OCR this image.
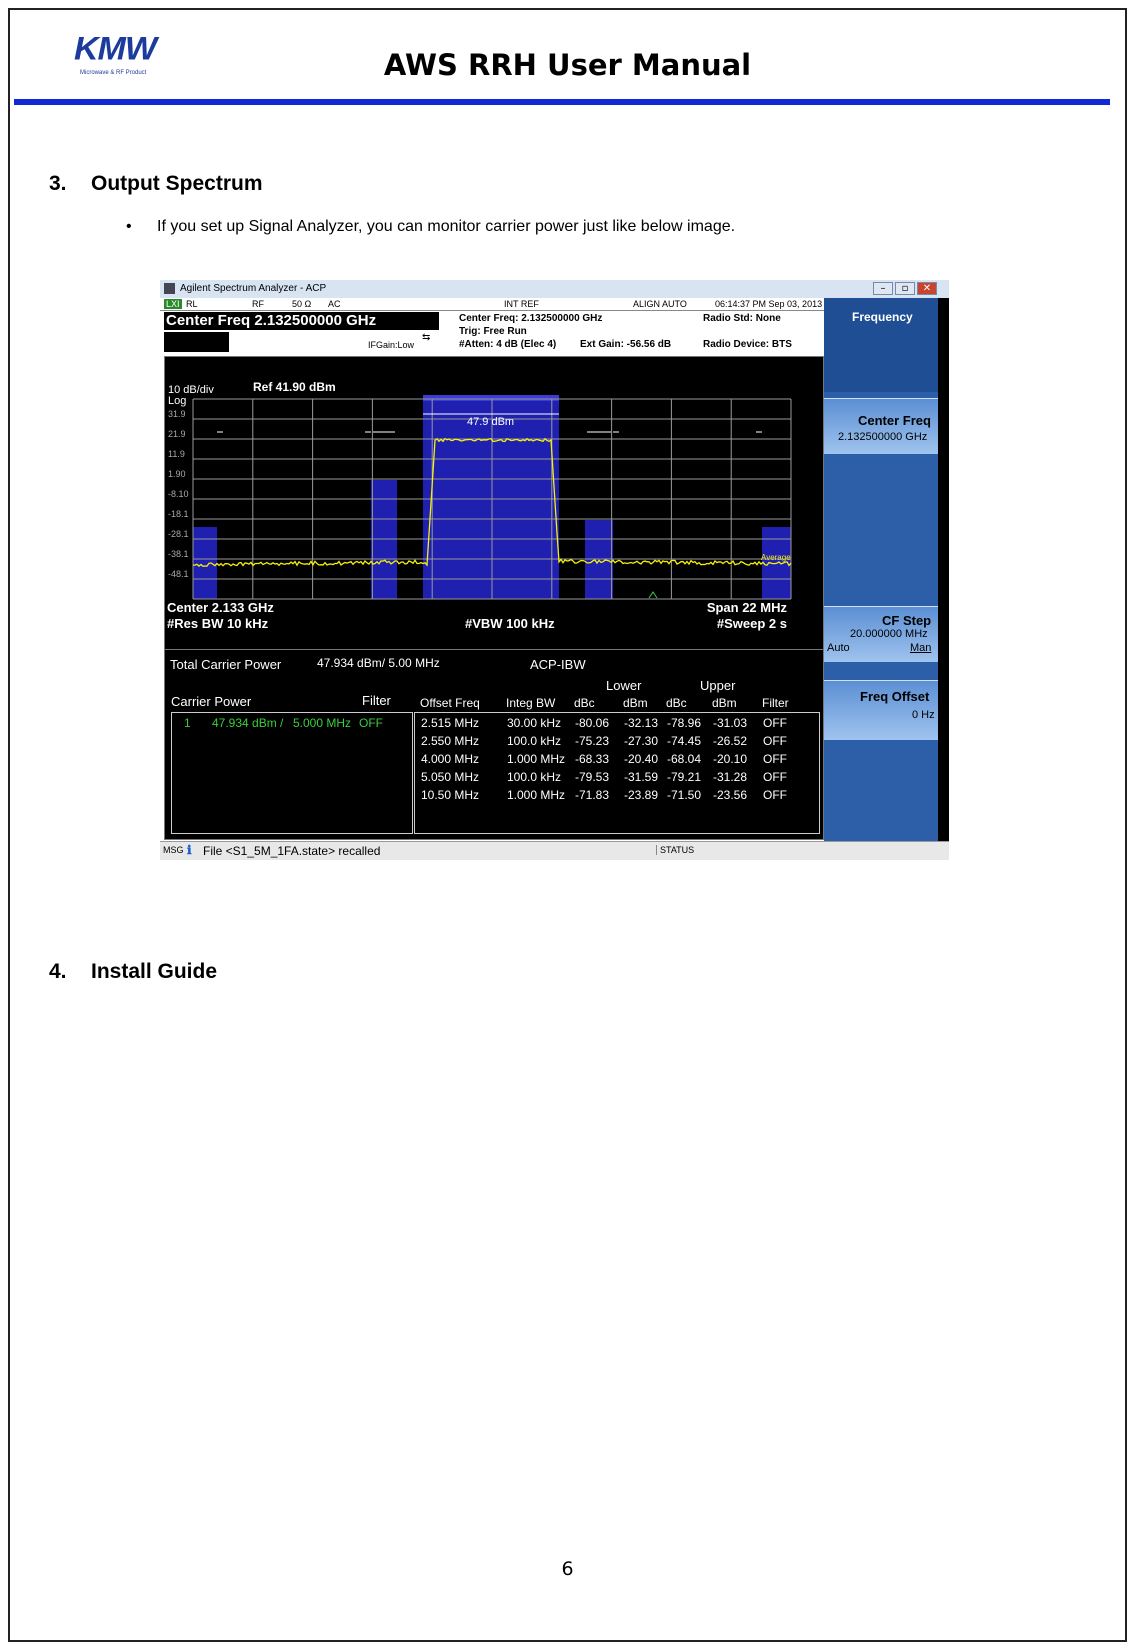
KMW
Microwave & RF Product	AWS RRH User Manual
3. Output Spectrum
• If you set up Signal Analyzer, you can monitor carrier power just like below image.
Agilent Spectrum Analyzer - ACP	–	▫	✕
LXI RL	RF	50 Ω AC	INT REF	ALIGN AUTO	06:14:37 PM Sep 03, 2013
Center Freq 2.132500000 GHz
IFGain:Low
⇆
Center Freq: 2.132500000 GHz
Trig: Free Run
#Atten: 4 dB (Elec 4) Ext Gain: -56.56 dB
Radio Std: None
Radio Device: BTS
10 dB/div	Ref 41.90 dBm
Log
31.9
21.9
11.9
1.90
-8.10
-18.1
-28.1
-38.1
-48.1
47.9 dBm
Average
Center 2.133 GHz
#Res BW 10 kHz	#VBW 100 kHz
Span 22 MHz
#Sweep 2 s
Total Carrier Power	47.934 dBm/ 5.00 MHz	ACP-IBW
Carrier Power	Filter
Lower	Upper
Offset Freq Integ BW dBc dBm dBc dBm Filter
1 47.934 dBm / 5.000 MHz OFF	2.515 MHz 30.00 kHz -80.06 -32.13 -78.96 -31.03 OFF
2.550 MHz 100.0 kHz -75.23 -27.30 -74.45 -26.52 OFF
4.000 MHz 1.000 MHz -68.33 -20.40 -68.04 -20.10 OFF
5.050 MHz 100.0 kHz -79.53 -31.59 -79.21 -31.28 OFF
10.50 MHz 1.000 MHz -71.83 -23.89 -71.50 -23.56 OFF
Frequency
Center Freq
2.132500000 GHz
CF Step
20.000000 MHz
Auto	Man
Freq Offset
0 Hz
MSG ℹ File <S1_5M_1FA.state> recalled	STATUS
4. Install Guide
6
